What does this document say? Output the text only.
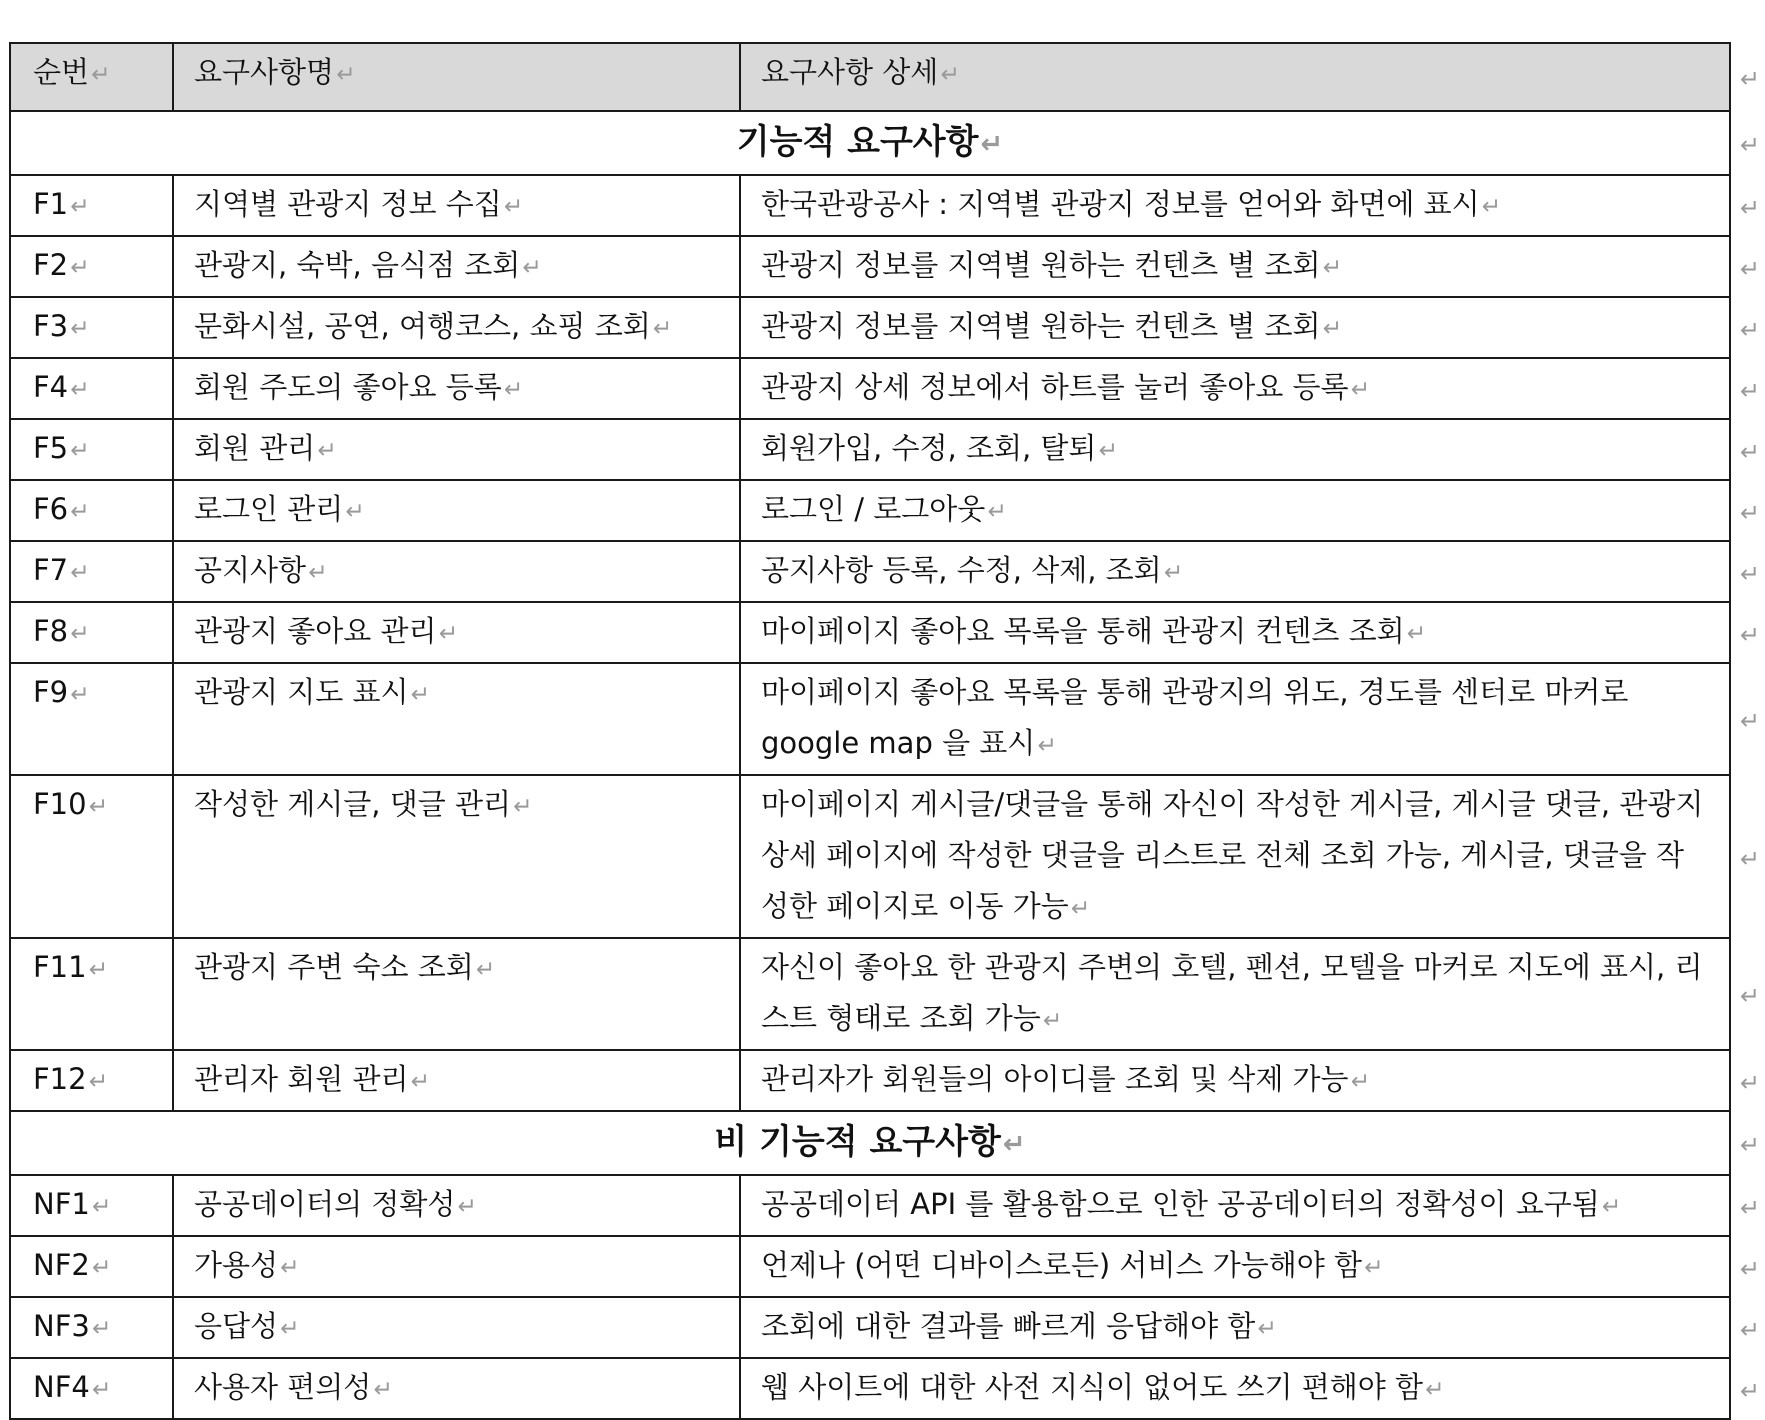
순번↵	요구사항명↵	요구사항 상세↵
기능적 요구사항↵		
F1↵	지역별 관광지 정보 수집↵	한국관광공사 : 지역별 관광지 정보를 얻어와 화면에 표시↵
F2↵	관광지, 숙박, 음식점 조회↵	관광지 정보를 지역별 원하는 컨텐츠 별 조회↵
F3↵	문화시설, 공연, 여행코스, 쇼핑 조회↵	관광지 정보를 지역별 원하는 컨텐츠 별 조회↵
F4↵	회원 주도의 좋아요 등록↵	관광지 상세 정보에서 하트를 눌러 좋아요 등록↵
F5↵	회원 관리↵	회원가입, 수정, 조회, 탈퇴↵
F6↵	로그인 관리↵	로그인 / 로그아웃↵
F7↵	공지사항↵	공지사항 등록, 수정, 삭제, 조회↵
F8↵	관광지 좋아요 관리↵	마이페이지 좋아요 목록을 통해 관광지 컨텐츠 조회↵
F9↵	관광지 지도 표시↵	마이페이지 좋아요 목록을 통해 관광지의 위도, 경도를 센터로 마커로 google map 을 표시↵
F10↵	작성한 게시글, 댓글 관리↵	마이페이지 게시글/댓글을 통해 자신이 작성한 게시글, 게시글 댓글, 관광지 상세 페이지에 작성한 댓글을 리스트로 전체 조회 가능, 게시글, 댓글을 작성한 페이지로 이동 가능↵
F11↵	관광지 주변 숙소 조회↵	자신이 좋아요 한 관광지 주변의 호텔, 펜션, 모텔을 마커로 지도에 표시, 리스트 형태로 조회 가능↵
F12↵	관리자 회원 관리↵	관리자가 회원들의 아이디를 조회 및 삭제 가능↵
비 기능적 요구사항↵		
NF1↵	공공데이터의 정확성↵	공공데이터 API 를 활용함으로 인한 공공데이터의 정확성이 요구됨↵
NF2↵	가용성↵	언제나 (어떤 디바이스로든) 서비스 가능해야 함↵
NF3↵	응답성↵	조회에 대한 결과를 빠르게 응답해야 함↵
NF4↵	사용자 편의성↵	웹 사이트에 대한 사전 지식이 없어도 쓰기 편해야 함↵
↵
↵
↵
↵
↵
↵
↵
↵
↵
↵
↵
↵
↵
↵
↵
↵
↵
↵
↵
